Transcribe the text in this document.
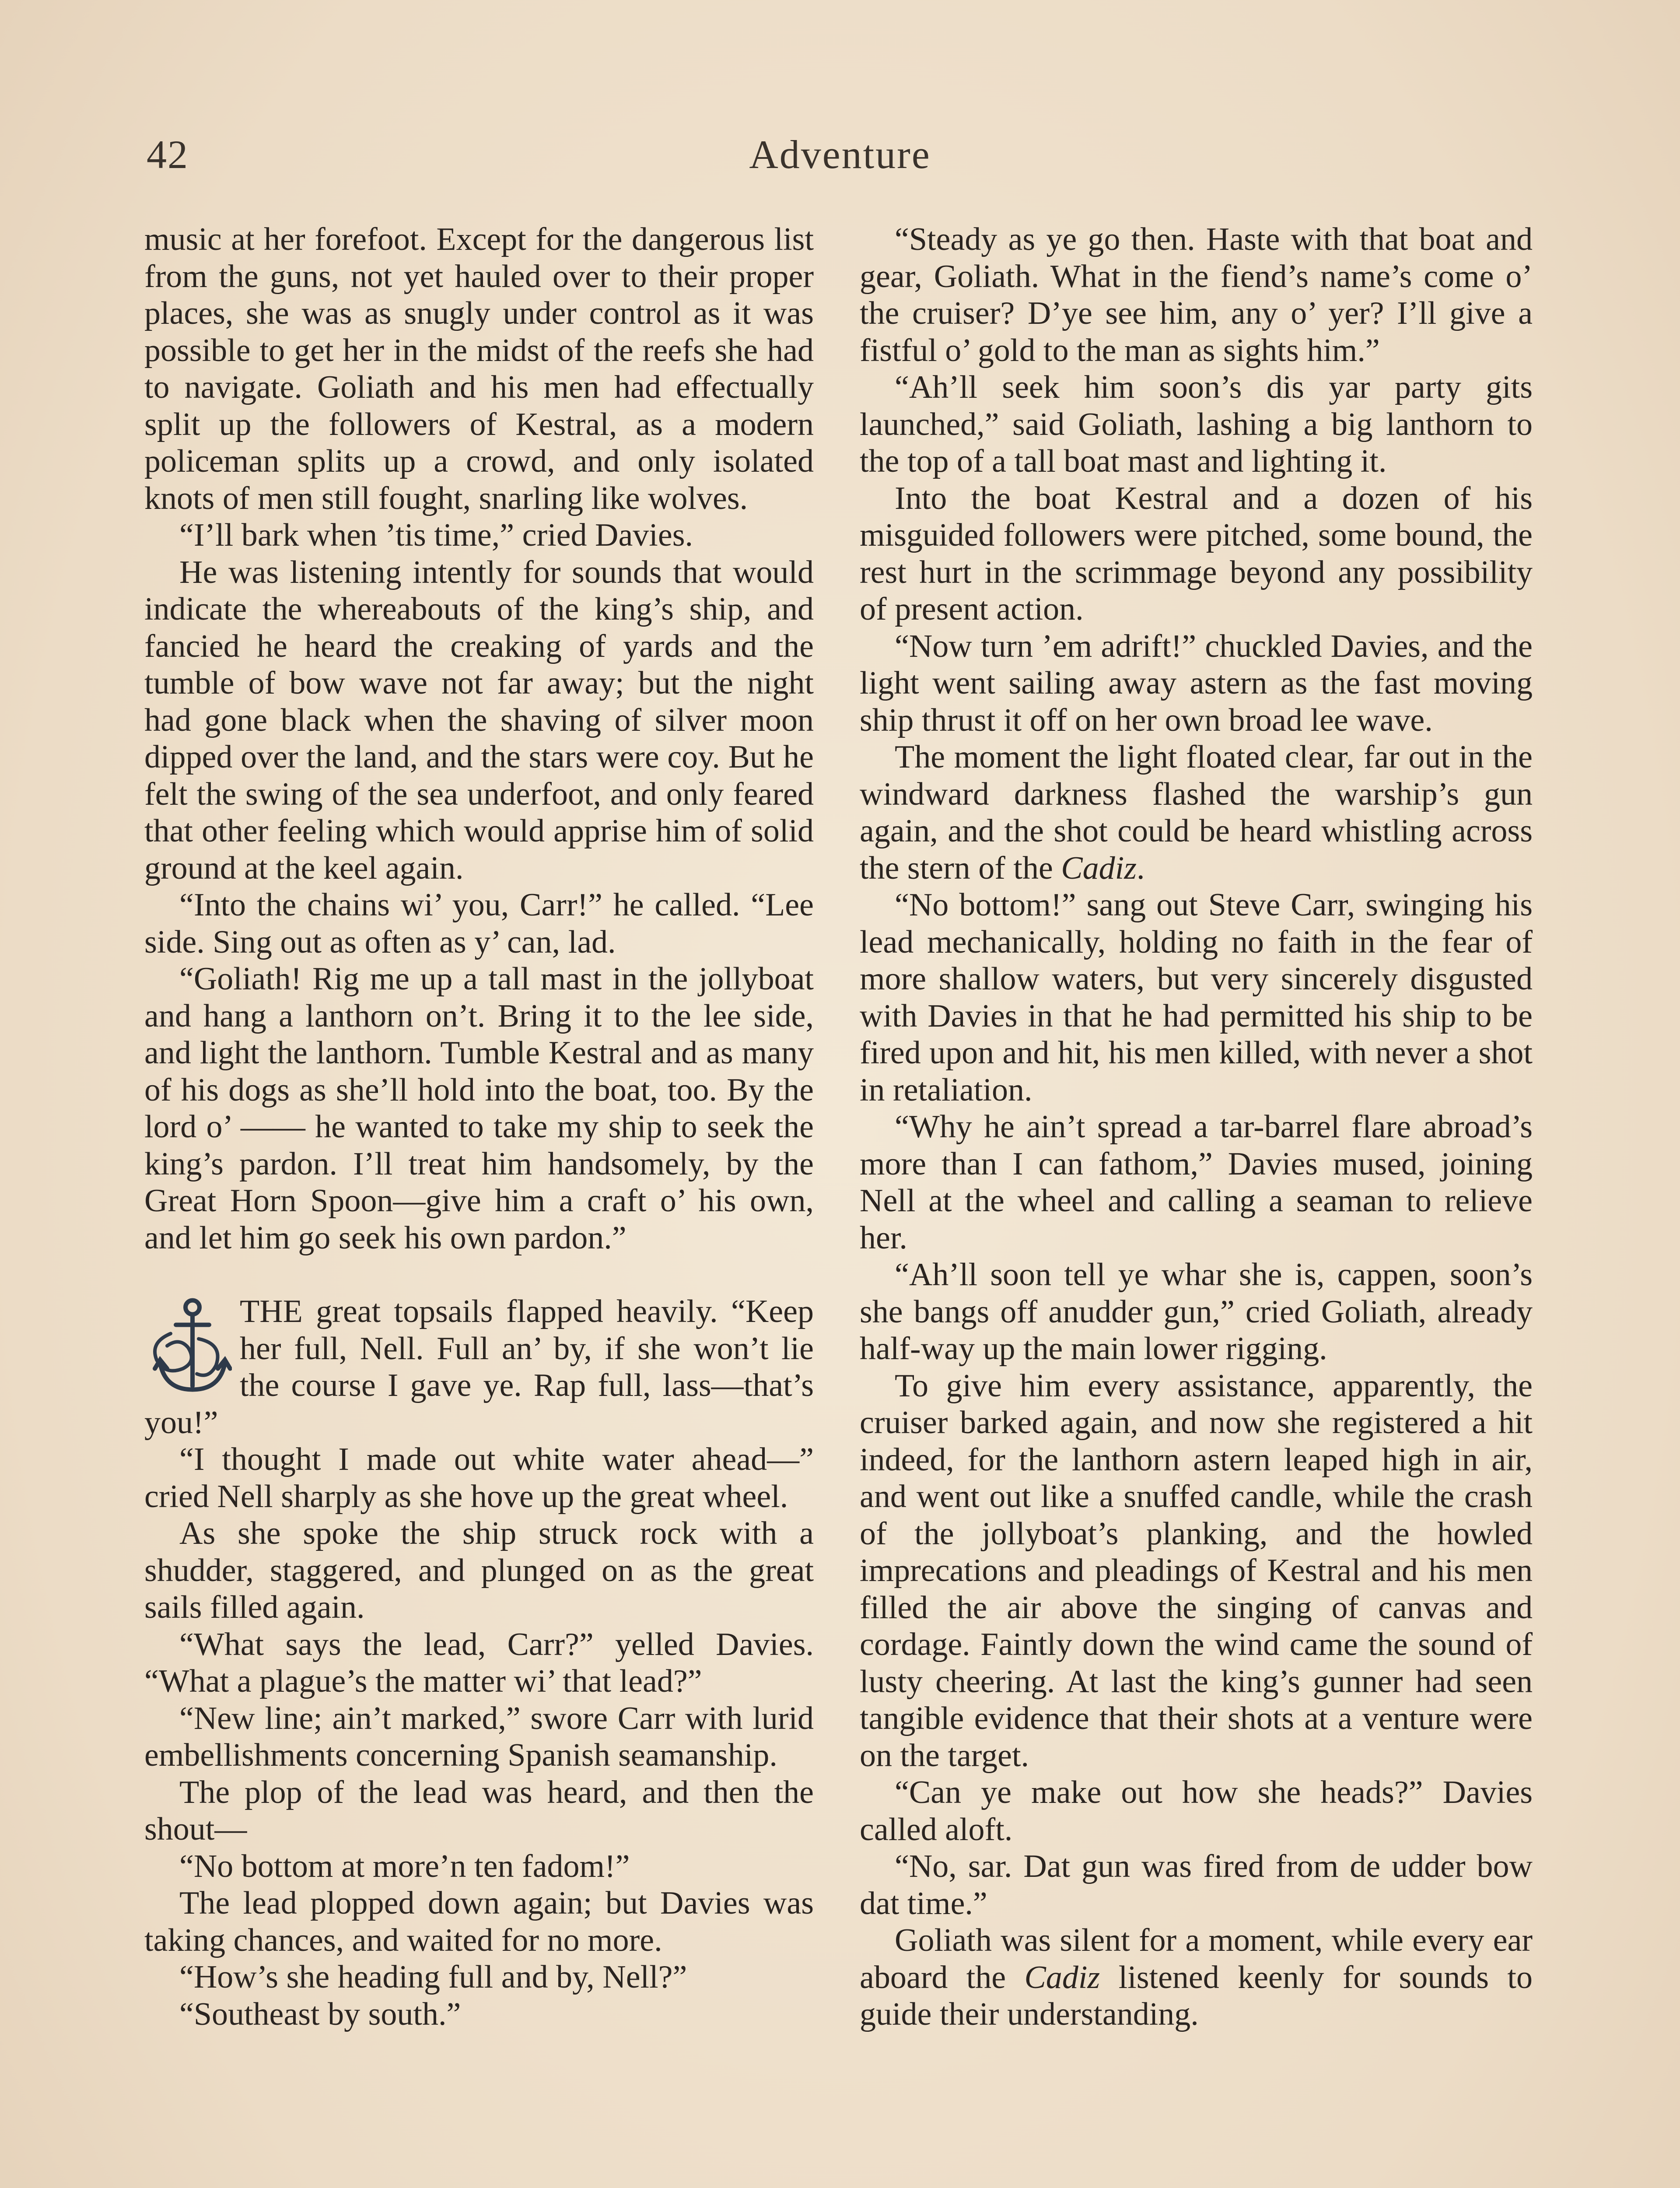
42	Adventure

music at her forefoot. Except for the dangerous list from the guns, not yet hauled over to their proper places, she was as snugly under control as it was possible to get her in the midst of the reefs she had to navigate. Goliath and his men had effectually split up the followers of Kestral, as a modern policeman splits up a crowd, and only isolated knots of men still fought, snarling like wolves.

“I’ll bark when ’tis time,” cried Davies.

He was listening intently for sounds that would indicate the whereabouts of the king’s ship, and fancied he heard the creaking of yards and the tumble of bow wave not far away; but the night had gone black when the shaving of silver moon dipped over the land, and the stars were coy. But he felt the swing of the sea underfoot, and only feared that other feeling which would apprise him of solid ground at the keel again.

“Into the chains wi’ you, Carr!” he called. “Lee side. Sing out as often as y’ can, lad.

“Goliath! Rig me up a tall mast in the jollyboat and hang a lanthorn on’t. Bring it to the lee side, and light the lanthorn. Tumble Kestral and as many of his dogs as she’ll hold into the boat, too. By the lord o’ —— he wanted to take my ship to seek the king’s pardon. I’ll treat him handsomely, by the Great Horn Spoon—give him a craft o’ his own, and let him go seek his own pardon.”

THE great topsails flapped heavily. “Keep her full, Nell. Full an’ by, if she won’t lie the course I gave ye. Rap full, lass—that’s you!”

“I thought I made out white water ahead—” cried Nell sharply as she hove up the great wheel.

As she spoke the ship struck rock with a shudder, staggered, and plunged on as the great sails filled again.

“What says the lead, Carr?” yelled Davies. “What a plague’s the matter wi’ that lead?”

“New line; ain’t marked,” swore Carr with lurid embellishments concerning Spanish seamanship.

The plop of the lead was heard, and then the shout—

“No bottom at more’n ten fadom!”

The lead plopped down again; but Davies was taking chances, and waited for no more.

“How’s she heading full and by, Nell?”

“Southeast by south.”

“Steady as ye go then. Haste with that boat and gear, Goliath. What in the fiend’s name’s come o’ the cruiser? D’ye see him, any o’ yer? I’ll give a fistful o’ gold to the man as sights him.”

“Ah’ll seek him soon’s dis yar party gits launched,” said Goliath, lashing a big lanthorn to the top of a tall boat mast and lighting it.

Into the boat Kestral and a dozen of his misguided followers were pitched, some bound, the rest hurt in the scrimmage beyond any possibility of present action.

“Now turn ’em adrift!” chuckled Davies, and the light went sailing away astern as the fast moving ship thrust it off on her own broad lee wave.

The moment the light floated clear, far out in the windward darkness flashed the warship’s gun again, and the shot could be heard whistling across the stern of the Cadiz.

“No bottom!” sang out Steve Carr, swinging his lead mechanically, holding no faith in the fear of more shallow waters, but very sincerely disgusted with Davies in that he had permitted his ship to be fired upon and hit, his men killed, with never a shot in retaliation.

“Why he ain’t spread a tar-barrel flare abroad’s more than I can fathom,” Davies mused, joining Nell at the wheel and calling a seaman to relieve her.

“Ah’ll soon tell ye whar she is, cappen, soon’s she bangs off anudder gun,” cried Goliath, already half-way up the main lower rigging.

To give him every assistance, apparently, the cruiser barked again, and now she registered a hit indeed, for the lanthorn astern leaped high in air, and went out like a snuffed candle, while the crash of the jollyboat’s planking, and the howled imprecations and pleadings of Kestral and his men filled the air above the singing of canvas and cordage. Faintly down the wind came the sound of lusty cheering. At last the king’s gunner had seen tangible evidence that their shots at a venture were on the target.

“Can ye make out how she heads?” Davies called aloft.

“No, sar. Dat gun was fired from de udder bow dat time.”

Goliath was silent for a moment, while every ear aboard the Cadiz listened keenly for sounds to guide their understanding.
